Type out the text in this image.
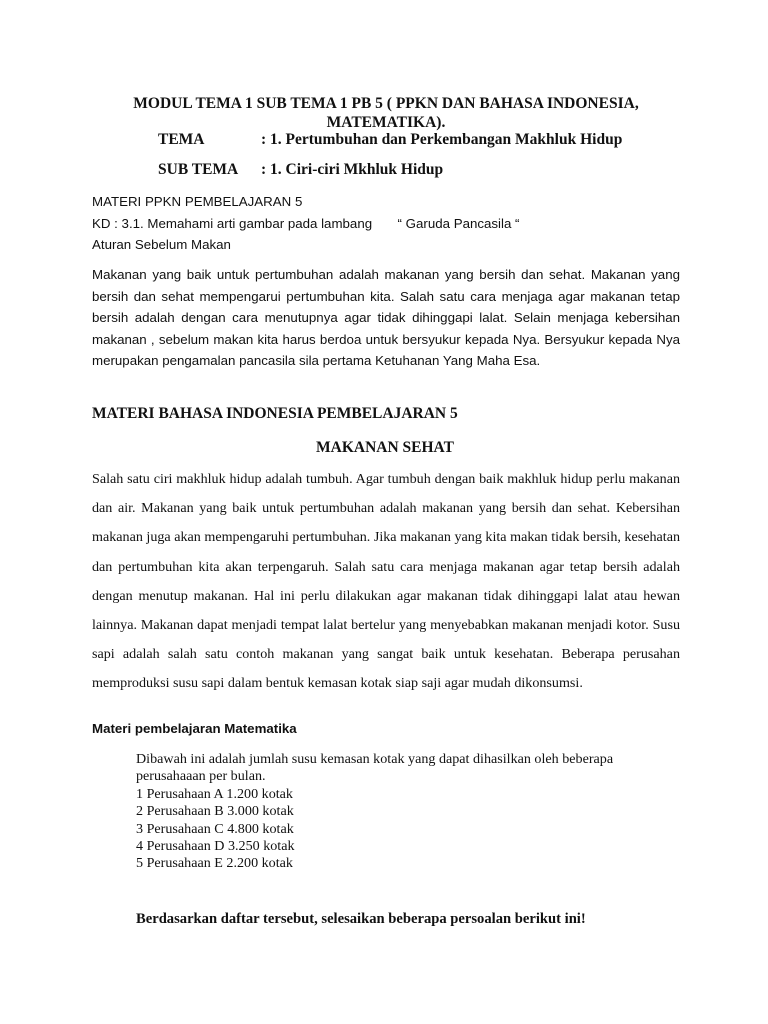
MODUL TEMA 1 SUB TEMA 1 PB 5 ( PPKN DAN BAHASA INDONESIA,
MATEMATIKA).
TEMA	: 1. Pertumbuhan dan Perkembangan Makhluk Hidup
SUB TEMA : 1. Ciri-ciri Mkhluk Hidup
MATERI PPKN PEMBELAJARAN 5
KD : 3.1. Memahami arti gambar pada lambang “ Garuda Pancasila “
Aturan Sebelum Makan
Makanan yang baik untuk pertumbuhan adalah makanan yang bersih dan sehat. Makanan yang bersih dan sehat mempengarui pertumbuhan kita. Salah satu cara menjaga agar makanan tetap bersih adalah dengan cara menutupnya agar tidak dihinggapi lalat. Selain menjaga kebersihan makanan , sebelum makan kita harus berdoa untuk bersyukur kepada Nya. Bersyukur kepada Nya merupakan pengamalan pancasila sila pertama Ketuhanan Yang Maha Esa.
MATERI BAHASA INDONESIA PEMBELAJARAN 5
MAKANAN SEHAT
Salah satu ciri makhluk hidup adalah tumbuh. Agar tumbuh dengan baik makhluk hidup perlu makanan dan air. Makanan yang baik untuk pertumbuhan adalah makanan yang bersih dan sehat. Kebersihan makanan juga akan mempengaruhi pertumbuhan. Jika makanan yang kita makan tidak bersih, kesehatan dan pertumbuhan kita akan terpengaruh. Salah satu cara menjaga makanan agar tetap bersih adalah dengan menutup makanan. Hal ini perlu dilakukan agar makanan tidak dihinggapi lalat atau hewan lainnya. Makanan dapat menjadi tempat lalat bertelur yang menyebabkan makanan menjadi kotor. Susu sapi adalah salah satu contoh makanan yang sangat baik untuk kesehatan. Beberapa perusahan memproduksi susu sapi dalam bentuk kemasan kotak siap saji agar mudah dikonsumsi.
Materi pembelajaran Matematika
Dibawah ini adalah jumlah susu kemasan kotak yang dapat dihasilkan oleh beberapa perusahaaan per bulan.
1 Perusahaan A 1.200 kotak
2 Perusahaan B 3.000 kotak
3 Perusahaan C 4.800 kotak
4 Perusahaan D 3.250 kotak
5 Perusahaan E 2.200 kotak
Berdasarkan daftar tersebut, selesaikan beberapa persoalan berikut ini!
